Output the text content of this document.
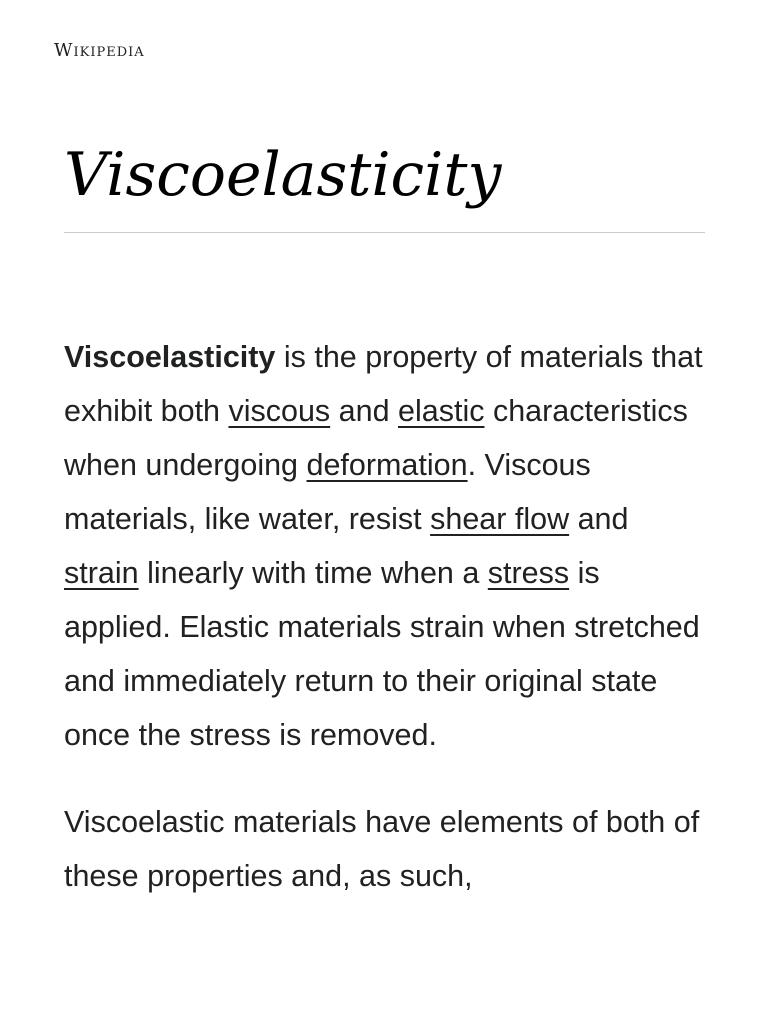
Wikipedia
Viscoelasticity

Viscoelasticity is the property of materials that exhibit both viscous and elastic characteristics when undergoing deformation. Viscous materials, like water, resist shear flow and strain linearly with time when a stress is applied. Elastic materials strain when stretched and immediately return to their original state once the stress is removed.

Viscoelastic materials have elements of both of these properties and, as such,
